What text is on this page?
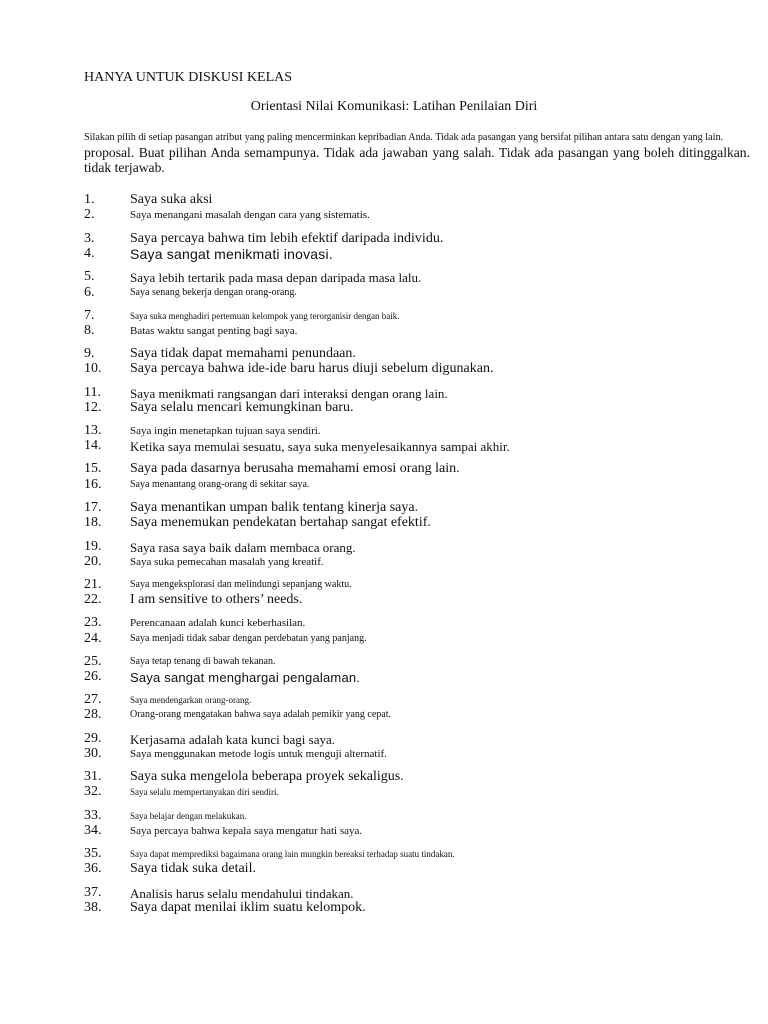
HANYA UNTUK DISKUSI KELAS
Orientasi Nilai Komunikasi: Latihan Penilaian Diri
Silakan pilih di setiap pasangan atribut yang paling mencerminkan kepribadian Anda. Tidak ada pasangan yang bersifat pilihan antara satu dengan yang lain.
proposal. Buat pilihan Anda semampunya. Tidak ada jawaban yang salah. Tidak ada pasangan yang boleh ditinggalkan. tidak terjawab.
1.	Saya suka aksi
2.	Saya menangani masalah dengan cara yang sistematis.
3.	Saya percaya bahwa tim lebih efektif daripada individu.
4.	Saya sangat menikmati inovasi.
5.	Saya lebih tertarik pada masa depan daripada masa lalu.
6.	Saya senang bekerja dengan orang-orang.
7.	Saya suka menghadiri pertemuan kelompok yang terorganisir dengan baik.
8.	Batas waktu sangat penting bagi saya.
9.	Saya tidak dapat memahami penundaan.
10. Saya percaya bahwa ide-ide baru harus diuji sebelum digunakan.
11. Saya menikmati rangsangan dari interaksi dengan orang lain.
12. Saya selalu mencari kemungkinan baru.
13.	Saya ingin menetapkan tujuan saya sendiri.
14. Ketika saya memulai sesuatu, saya suka menyelesaikannya sampai akhir.
15. Saya pada dasarnya berusaha memahami emosi orang lain.
16.	Saya menantang orang-orang di sekitar saya.
17. Saya menantikan umpan balik tentang kinerja saya.
18. Saya menemukan pendekatan bertahap sangat efektif.
19. Saya rasa saya baik dalam membaca orang.
20.	Saya suka pemecahan masalah yang kreatif.
21.	Saya mengeksplorasi dan melindungi sepanjang waktu.
22. I am sensitive to others’ needs.
23.	Perencanaan adalah kunci keberhasilan.
24.	Saya menjadi tidak sabar dengan perdebatan yang panjang.
25.	Saya tetap tenang di bawah tekanan.
26. Saya sangat menghargai pengalaman.
27.	Saya mendengarkan orang-orang.
28.	Orang-orang mengatakan bahwa saya adalah pemikir yang cepat.
29. Kerjasama adalah kata kunci bagi saya.
30.	Saya menggunakan metode logis untuk menguji alternatif.
31. Saya suka mengelola beberapa proyek sekaligus.
32.	Saya selalu mempertanyakan diri sendiri.
33.	Saya belajar dengan melakukan.
34.	Saya percaya bahwa kepala saya mengatur hati saya.
35.	Saya dapat memprediksi bagaimana orang lain mungkin bereaksi terhadap suatu tindakan.
36. Saya tidak suka detail.
37. Analisis harus selalu mendahului tindakan.
38. Saya dapat menilai iklim suatu kelompok.
